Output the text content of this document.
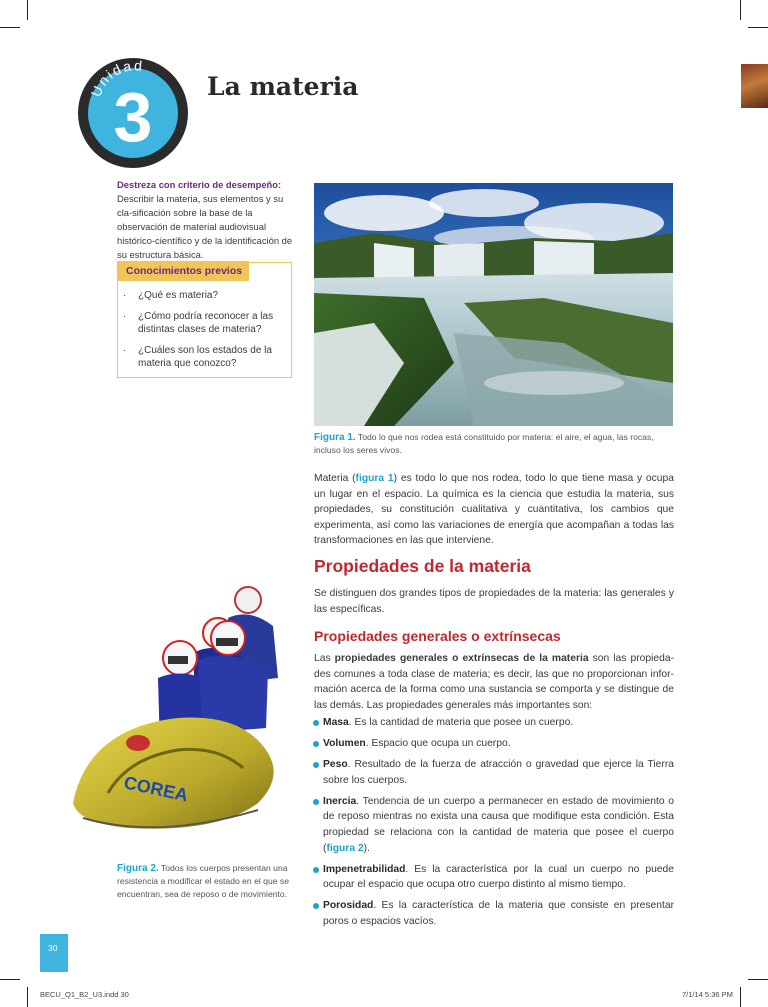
3
Unidad
La materia
Destreza con criterio de desempeño:
Describir la materia, sus elementos y su cla-sificación sobre la base de la observación de material audiovisual histórico-científico y de la identificación de su estructura básica.
Conocimientos previos
· ¿Qué es materia?
· ¿Cómo podría reconocer a las distintas clases de materia?
· ¿Cuáles son los estados de la materia que conozco?
Figura 1. Todo lo que nos rodea está constituido por materia: el aire, el agua, las rocas, incluso los seres vivos.
Materia (figura 1) es todo lo que nos rodea, todo lo que tiene masa y ocupa un lugar en el espacio. La química es la ciencia que estudia la materia, sus propiedades, su constitución cualitativa y cuantitativa, los cambios que experimenta, así como las variaciones de energía que acompañan a todas las transformaciones en las que interviene.
Propiedades de la materia
Se distinguen dos grandes tipos de propiedades de la materia: las generales y las específicas.
Propiedades generales o extrínsecas
Las propiedades generales o extrínsecas de la materia son las propieda-des comunes a toda clase de materia; es decir, las que no proporcionan infor-mación acerca de la forma como una sustancia se comporta y se distingue de las demás. Las propiedades generales más importantes son:
Masa. Es la cantidad de materia que posee un cuerpo.
Volumen. Espacio que ocupa un cuerpo.
Peso. Resultado de la fuerza de atracción o gravedad que ejerce la Tierra sobre los cuerpos.
Inercia. Tendencia de un cuerpo a permanecer en estado de movimiento o de reposo mientras no exista una causa que modifique esta condición. Esta propiedad se relaciona con la cantidad de materia que posee el cuerpo (figura 2).
Impenetrabilidad. Es la característica por la cual un cuerpo no puede ocupar el espacio que ocupa otro cuerpo distinto al mismo tiempo.
Porosidad. Es la característica de la materia que consiste en presentar poros o espacios vacíos.
COREA
Figura 2. Todos los cuerpos presentan una resistencia a modificar el estado en el que se encuentran, sea de reposo o de movimiento.
30
BECU_Q1_B2_U3.indd 30	7/1/14 5:36 PM
